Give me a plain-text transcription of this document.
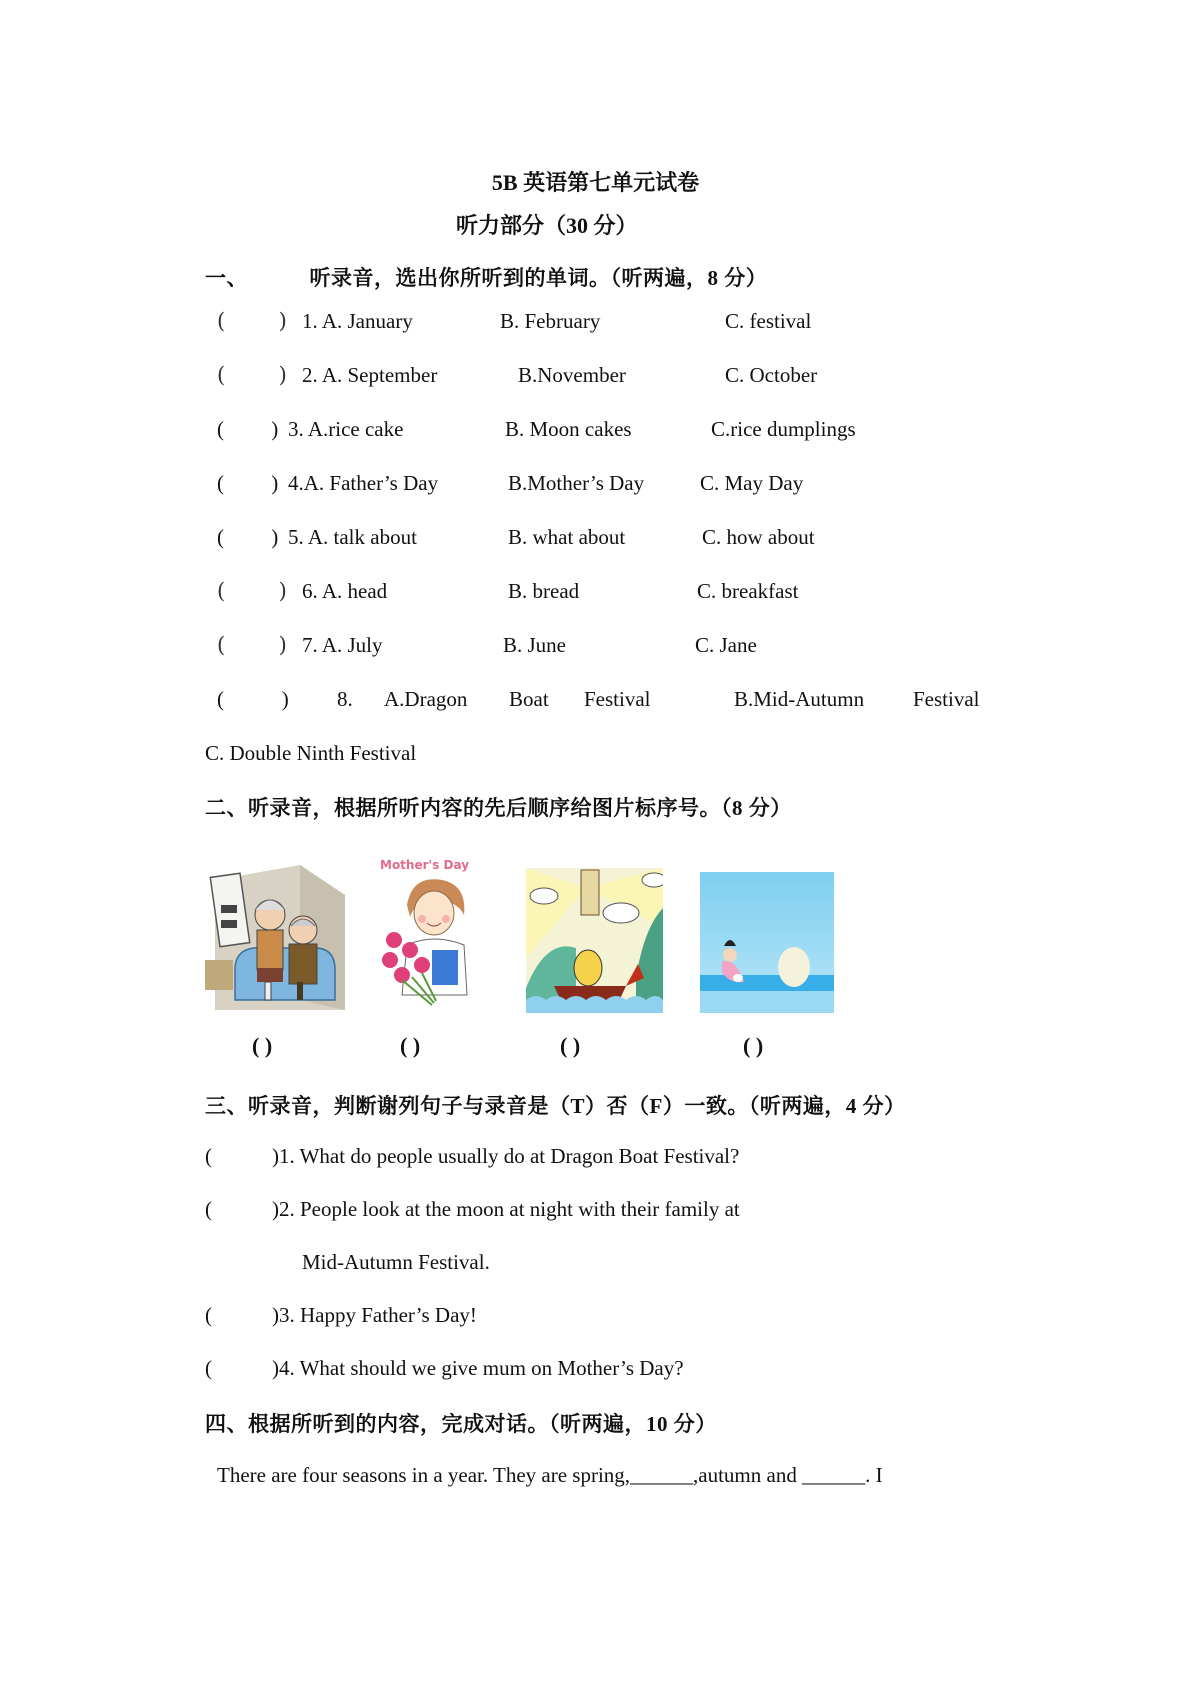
5B 英语第七单元试卷
听力部分（30 分）
一、	听录音，选出你所听到的单词。（听两遍，8 分）
(        ) 1. A. January	B. February	C. festival
(        ) 2. A. September	B.November	C. October
(         ) 3. A.rice cake	B. Moon cakes	C.rice dumplings
(         ) 4.A. Father’s Day	B.Mother’s Day	C. May Day
(         ) 5. A. talk about	B. what about	C. how about
(        ) 6. A. head	B. bread	C. breakfast
(        ) 7. A. July	B. June	C. Jane
(           ) 8. A.Dragon Boat Festival	B.Mid-Autumn Festival
C. Double Ninth Festival
二、听录音，根据所听内容的先后顺序给图片标序号。（8 分）
Mother's Day
( )	( )	( )	( )
三、听录音，判断谢列句子与录音是（T）否（F）一致。（听两遍，4 分）
(	)1. What do people usually do at Dragon Boat Festival?
(	)2. People look at the moon at night with their family at
Mid-Autumn Festival.
(	)3. Happy Father’s Day!
(	)4. What should we give mum on Mother’s Day?
四、根据所听到的内容，完成对话。（听两遍，10 分）
There are four seasons in a year. They are spring,______,autumn and ______. I
